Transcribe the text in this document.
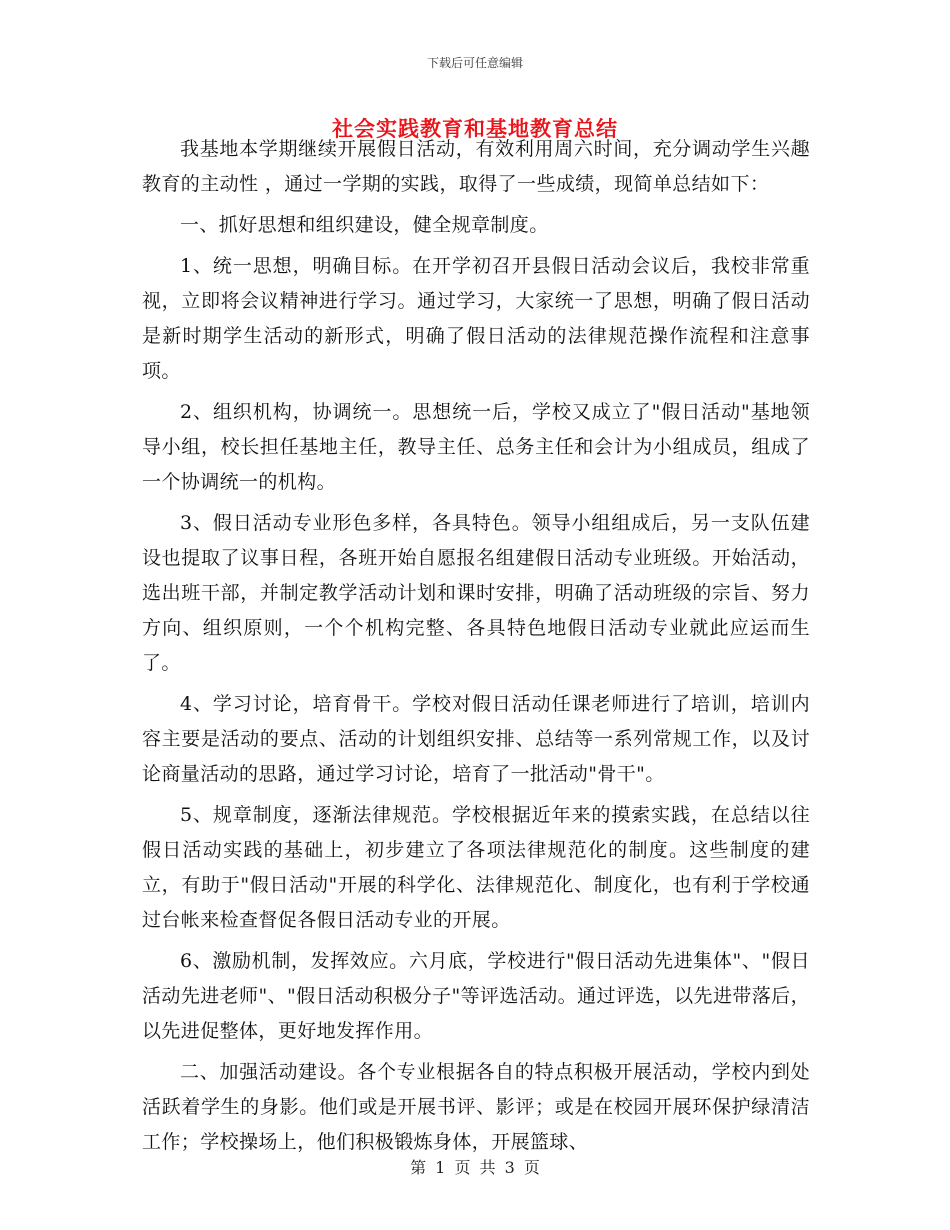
下载后可任意编辑
社会实践教育和基地教育总结

我基地本学期继续开展假日活动，有效利用周六时间，充分调动学生兴趣教育的主动性 ，通过一学期的实践，取得了一些成绩，现简单总结如下：

一、抓好思想和组织建设，健全规章制度。

1、统一思想，明确目标。在开学初召开县假日活动会议后，我校非常重视，立即将会议精神进行学习。通过学习，大家统一了思想，明确了假日活动是新时期学生活动的新形式，明确了假日活动的法律规范操作流程和注意事项。

2、组织机构，协调统一。思想统一后，学校又成立了"假日活动"基地领导小组，校长担任基地主任，教导主任、总务主任和会计为小组成员，组成了一个协调统一的机构。

3、假日活动专业形色多样，各具特色。领导小组组成后，另一支队伍建设也提取了议事日程，各班开始自愿报名组建假日活动专业班级。开始活动，选出班干部，并制定教学活动计划和课时安排，明确了活动班级的宗旨、努力方向、组织原则，一个个机构完整、各具特色地假日活动专业就此应运而生了。

4、学习讨论，培育骨干。学校对假日活动任课老师进行了培训，培训内容主要是活动的要点、活动的计划组织安排、总结等一系列常规工作，以及讨论商量活动的思路，通过学习讨论，培育了一批活动"骨干"。

5、规章制度，逐渐法律规范。学校根据近年来的摸索实践，在总结以往假日活动实践的基础上，初步建立了各项法律规范化的制度。这些制度的建立，有助于"假日活动"开展的科学化、法律规范化、制度化，也有利于学校通过台帐来检查督促各假日活动专业的开展。

6、激励机制，发挥效应。六月底，学校进行"假日活动先进集体"、"假日活动先进老师"、"假日活动积极分子"等评选活动。通过评选，以先进带落后，以先进促整体，更好地发挥作用。

二、加强活动建设。各个专业根据各自的特点积极开展活动，学校内到处活跃着学生的身影。他们或是开展书评、影评；或是在校园开展环保护绿清洁工作；学校操场上，他们积极锻炼身体，开展篮球、

第 1 页 共 3 页
